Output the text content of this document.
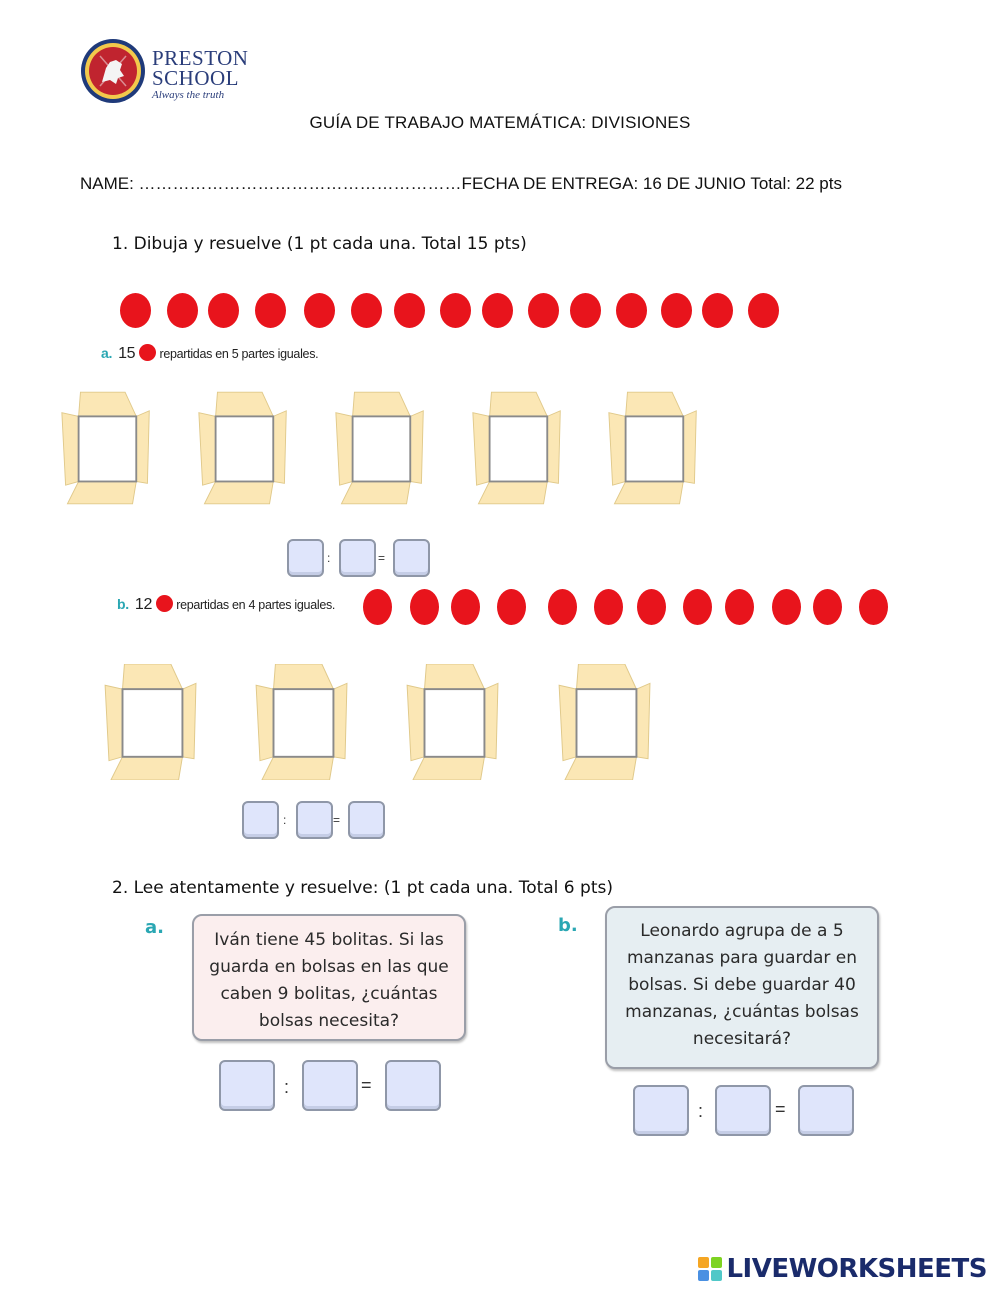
PRESTON
SCHOOL
Always the truth
GUÍA DE TRABAJO MATEMÁTICA: DIVISIONES
NAME: …………………………………………………FECHA DE ENTREGA: 16 DE JUNIO Total: 22 pts
1. Dibuja y resuelve (1 pt cada una. Total 15 pts)
a. 15 repartidas en 5 partes iguales.
:	=
b. 12 repartidas en 4 partes iguales.
:	=
2. Lee atentamente y resuelve: (1 pt cada una. Total 6 pts)
a.
Iván tiene 45 bolitas. Si las guarda en bolsas en las que caben 9 bolitas, ¿cuántas bolsas necesita?
:	=
b.	Leonardo agrupa de a 5 manzanas para guardar en bolsas. Si debe guardar 40 manzanas, ¿cuántas bolsas necesitará?
:	=
LIVEWORKSHEETS
